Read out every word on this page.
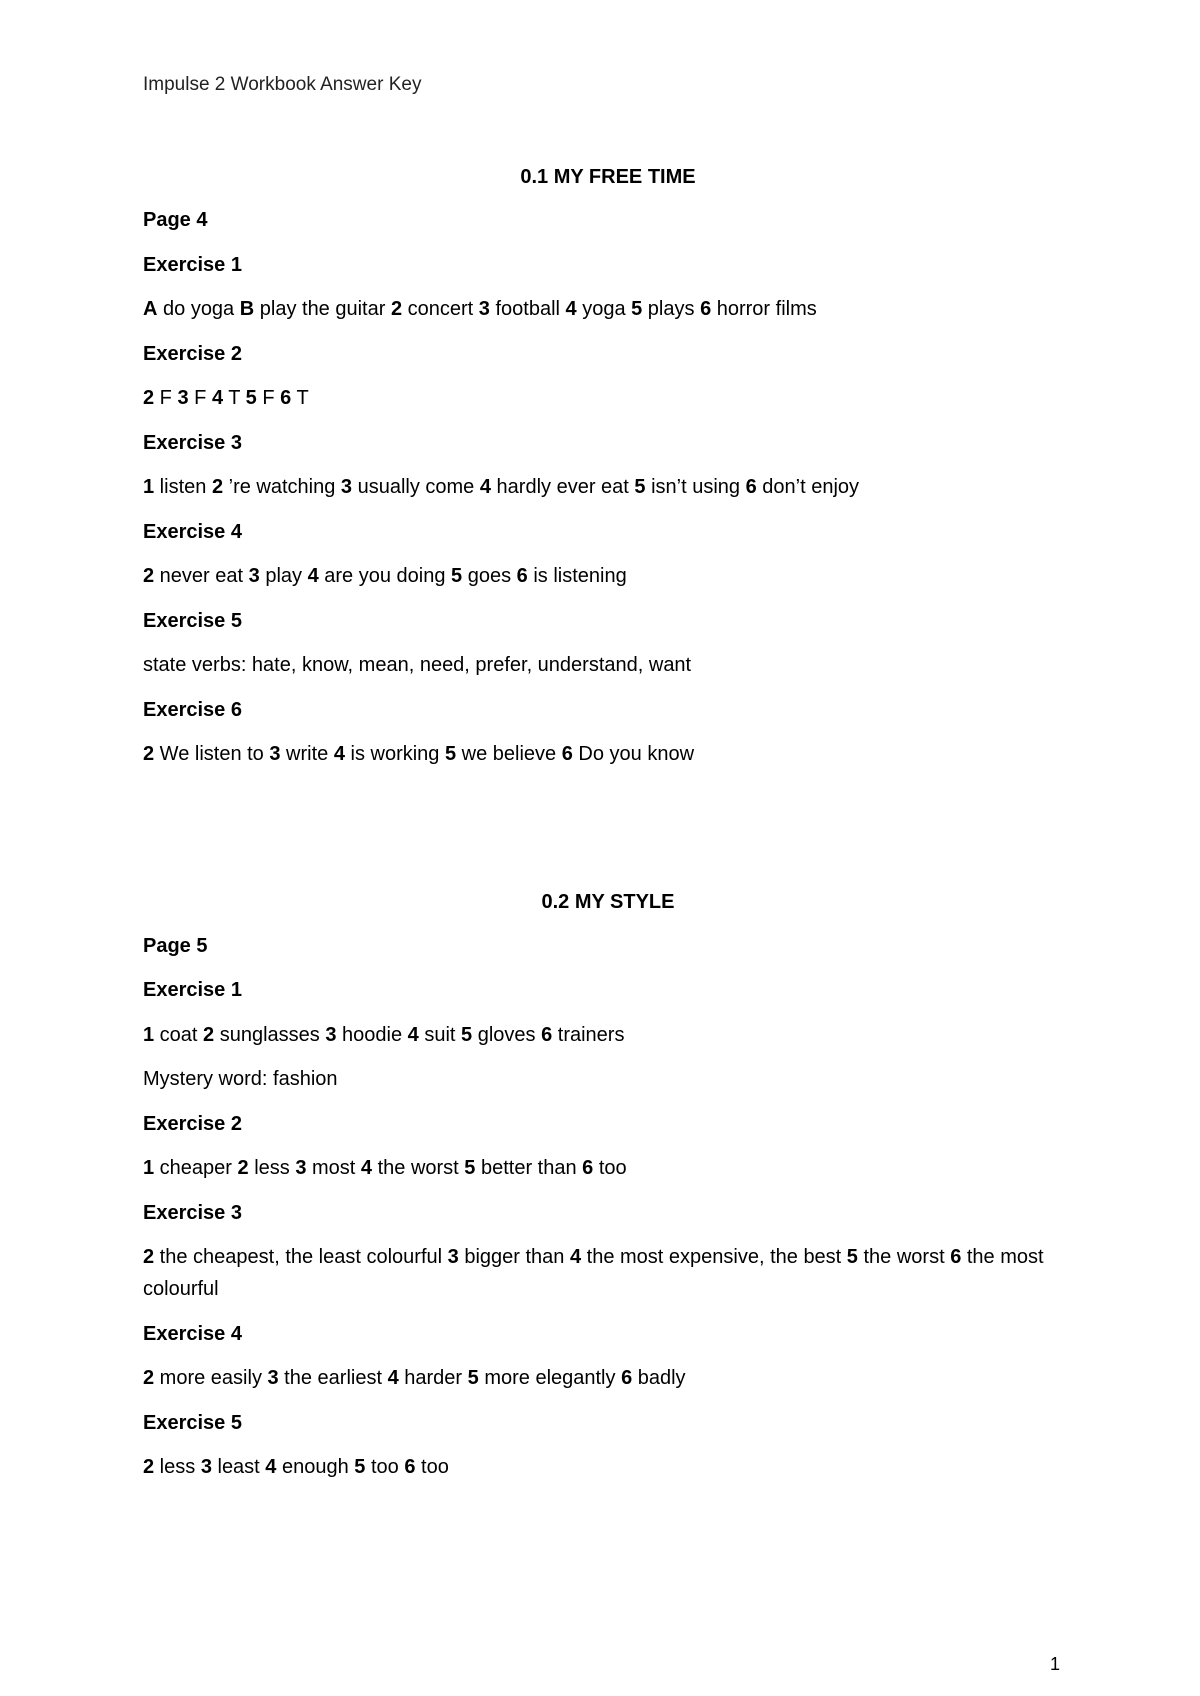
Impulse 2 Workbook Answer Key
0.1 MY FREE TIME
Page 4
Exercise 1
A do yoga B play the guitar 2 concert 3 football 4 yoga 5 plays 6 horror films
Exercise 2
2 F 3 F 4 T 5 F 6 T
Exercise 3
1 listen 2 ’re watching 3 usually come 4 hardly ever eat 5 isn’t using 6 don’t enjoy
Exercise 4
2 never eat 3 play 4 are you doing 5 goes 6 is listening
Exercise 5
state verbs: hate, know, mean, need, prefer, understand, want
Exercise 6
2 We listen to 3 write 4 is working 5 we believe 6 Do you know
0.2 MY STYLE
Page 5
Exercise 1
1 coat 2 sunglasses 3 hoodie 4 suit 5 gloves 6 trainers
Mystery word: fashion
Exercise 2
1 cheaper 2 less 3 most 4 the worst 5 better than 6 too
Exercise 3
2 the cheapest, the least colourful 3 bigger than 4 the most expensive, the best 5 the worst 6 the most colourful
Exercise 4
2 more easily 3 the earliest 4 harder 5 more elegantly 6 badly
Exercise 5
2 less 3 least 4 enough 5 too 6 too
1
